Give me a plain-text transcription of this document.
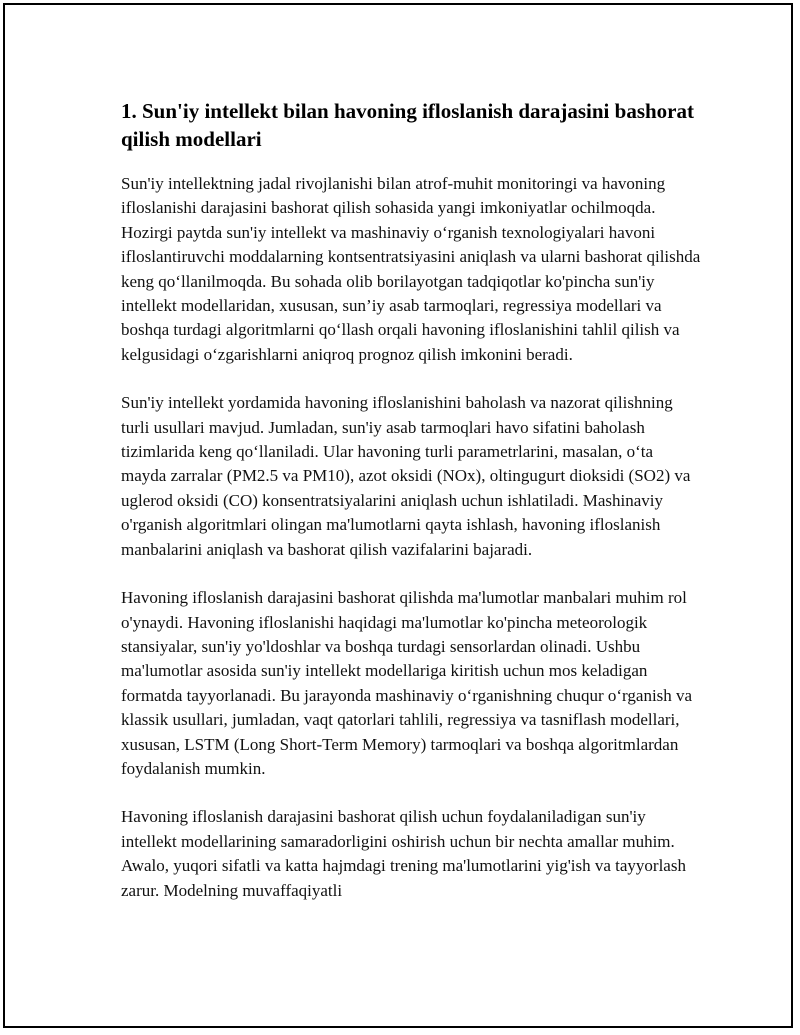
1. Sun'iy intellekt bilan havoning ifloslanish darajasini bashorat qilish modellari

Sun'iy intellektning jadal rivojlanishi bilan atrof-muhit monitoringi va havoning ifloslanishi darajasini bashorat qilish sohasida yangi imkoniyatlar ochilmoqda. Hozirgi paytda sun'iy intellekt va mashinaviy o‘rganish texnologiyalari havoni ifloslantiruvchi moddalarning kontsentratsiyasini aniqlash va ularni bashorat qilishda keng qo‘llanilmoqda. Bu sohada olib borilayotgan tadqiqotlar ko'pincha sun'iy intellekt modellaridan, xususan, sun’iy asab tarmoqlari, regressiya modellari va boshqa turdagi algoritmlarni qo‘llash orqali havoning ifloslanishini tahlil qilish va kelgusidagi o‘zgarishlarni aniqroq prognoz qilish imkonini beradi.

Sun'iy intellekt yordamida havoning ifloslanishini baholash va nazorat qilishning turli usullari mavjud. Jumladan, sun'iy asab tarmoqlari havo sifatini baholash tizimlarida keng qo‘llaniladi. Ular havoning turli parametrlarini, masalan, o‘ta mayda zarralar (PM2.5 va PM10), azot oksidi (NOx), oltingugurt dioksidi (SO2) va uglerod oksidi (CO) konsentratsiyalarini aniqlash uchun ishlatiladi. Mashinaviy o'rganish algoritmlari olingan ma'lumotlarni qayta ishlash, havoning ifloslanish manbalarini aniqlash va bashorat qilish vazifalarini bajaradi.

Havoning ifloslanish darajasini bashorat qilishda ma'lumotlar manbalari muhim rol o'ynaydi. Havoning ifloslanishi haqidagi ma'lumotlar ko'pincha meteorologik stansiyalar, sun'iy yo'ldoshlar va boshqa turdagi sensorlardan olinadi. Ushbu ma'lumotlar asosida sun'iy intellekt modellariga kiritish uchun mos keladigan formatda tayyorlanadi. Bu jarayonda mashinaviy o‘rganishning chuqur o‘rganish va klassik usullari, jumladan, vaqt qatorlari tahlili, regressiya va tasniflash modellari, xususan, LSTM (Long Short-Term Memory) tarmoqlari va boshqa algoritmlardan foydalanish mumkin.

Havoning ifloslanish darajasini bashorat qilish uchun foydalaniladigan sun'iy intellekt modellarining samaradorligini oshirish uchun bir nechta amallar muhim. Awalo, yuqori sifatli va katta hajmdagi trening ma'lumotlarini yig'ish va tayyorlash zarur. Modelning muvaffaqiyatli
